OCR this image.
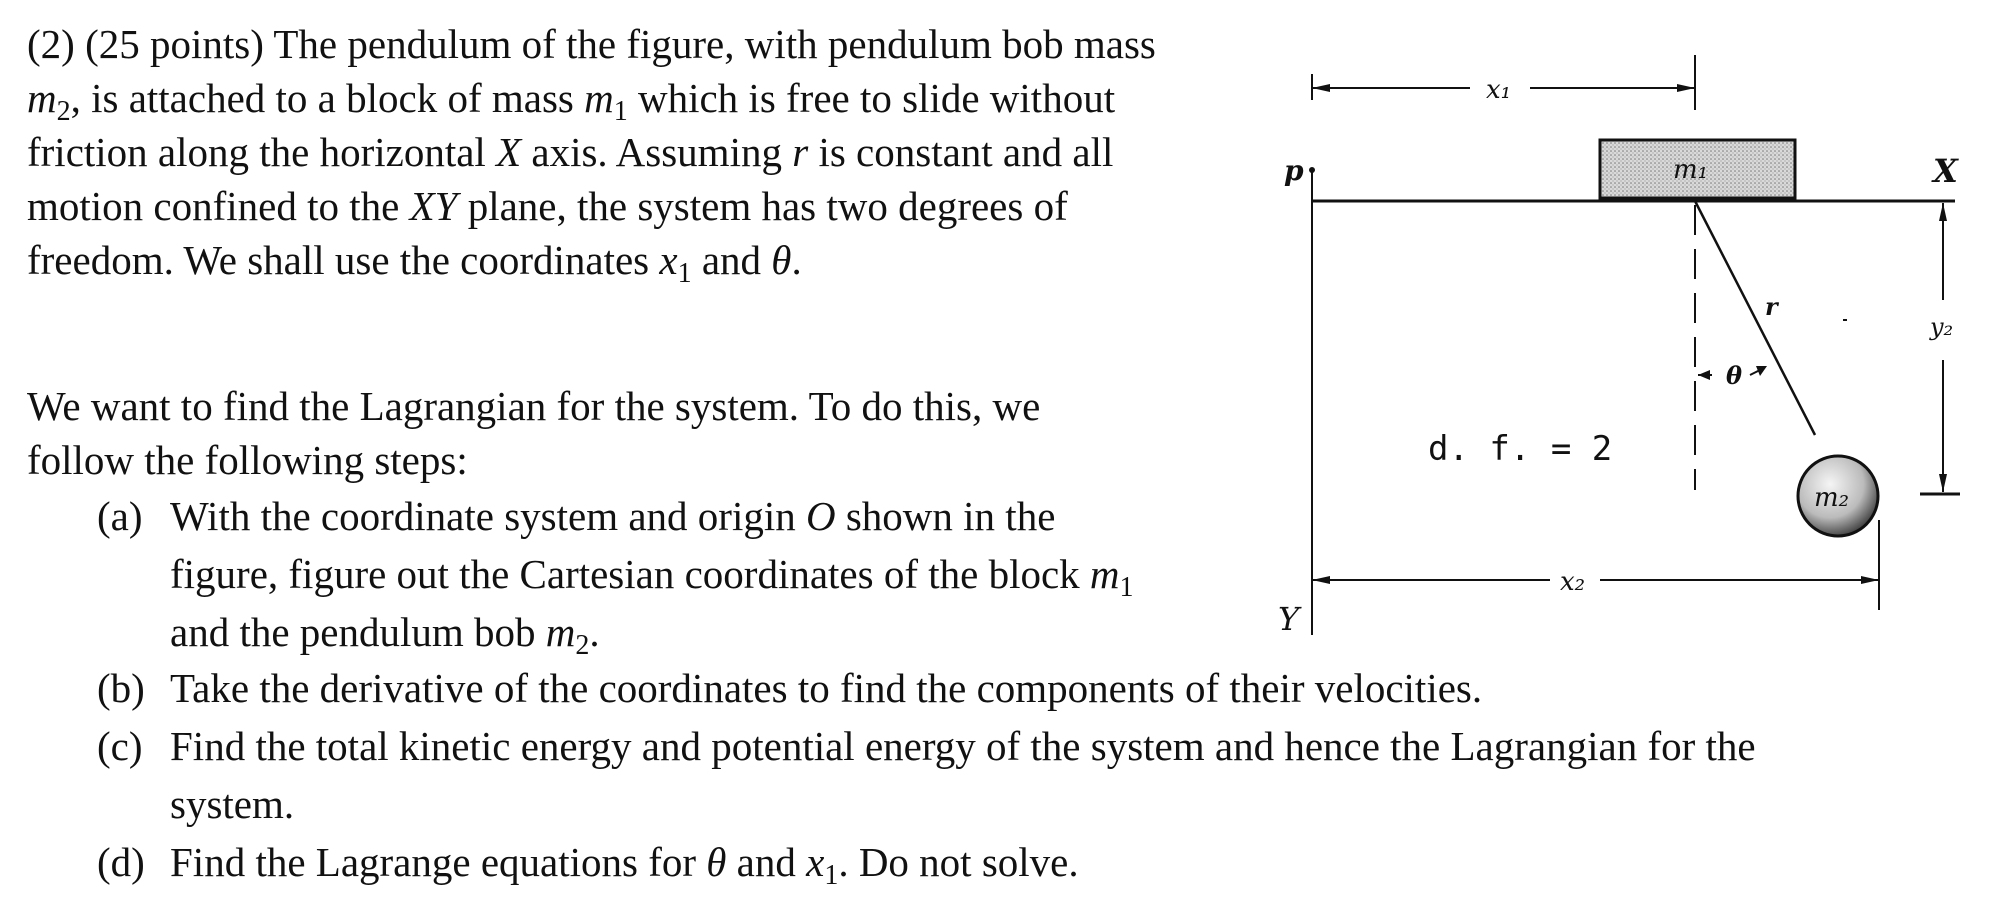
(2) (25 points) The pendulum of the figure, with pendulum bob mass
$m_2$, is attached to a block of mass $m_1$ which is free to slide without
friction along the horizontal X axis. Assuming r is constant and all
motion confined to the XY plane, the system has two degrees of
freedom. We shall use the coordinates $x_1$ and θ.
We want to find the Lagrangian for the system. To do this, we
follow the following steps:
(a) With the coordinate system and origin O shown in the
figure, figure out the Cartesian coordinates of the block $m_1$
and the pendulum bob $m_2$.
(b) Take the derivative of the coordinates to find the components of their velocities.
(c) Find the total kinetic energy and potential energy of the system and hence the Lagrangian for the
system.
(d) Find the Lagrange equations for θ and $x_1$. Do not solve.
x₁
m₁	X
p
r
θ
m₂
y₂
x₂
Y
d. f. = 2
